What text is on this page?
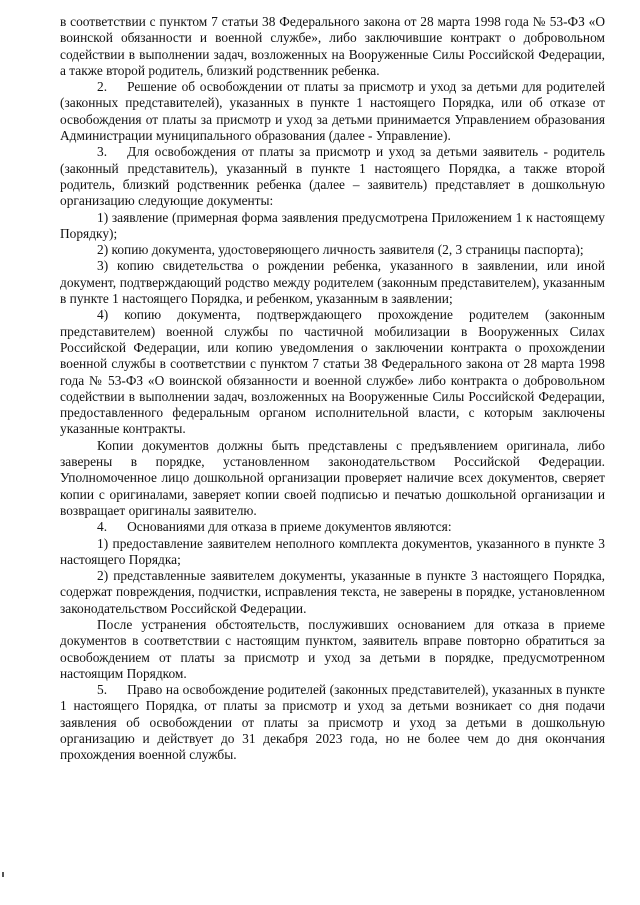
в соответствии с пунктом 7 статьи 38 Федерального закона от 28 марта 1998 года № 53-ФЗ «О воинской обязанности и военной службе», либо заключившие контракт о добровольном содействии в выполнении задач, возложенных на Вооруженные Силы Российской Федерации, а также второй родитель, близкий родственник ребенка.

2.  Решение об освобождении от платы за присмотр и уход за детьми для родителей (законных представителей), указанных в пункте 1 настоящего Порядка, или об отказе от освобождения от платы за присмотр и уход за детьми принимается Управлением образования Администрации муниципального образования (далее - Управление).

3.  Для освобождения от платы за присмотр и уход за детьми заявитель - родитель (законный представитель), указанный в пункте 1 настоящего Порядка, а также второй родитель, близкий родственник ребенка (далее – заявитель) представляет в дошкольную организацию следующие документы:

1) заявление (примерная форма заявления предусмотрена Приложением 1 к настоящему Порядку);

2) копию документа, удостоверяющего личность заявителя (2, 3 страницы паспорта);

3) копию свидетельства о рождении ребенка, указанного в заявлении, или иной документ, подтверждающий родство между родителем (законным представителем), указанным в пункте 1 настоящего Порядка, и ребенком, указанным в заявлении;

4) копию документа, подтверждающего прохождение родителем (законным представителем) военной службы по частичной мобилизации в Вооруженных Силах Российской Федерации, или копию уведомления о заключении контракта о прохождении военной службы в соответствии с пунктом 7 статьи 38 Федерального закона от 28 марта 1998 года № 53-ФЗ «О воинской обязанности и военной службе» либо контракта о добровольном содействии в выполнении задач, возложенных на Вооруженные Силы Российской Федерации, предоставленного федеральным органом исполнительной власти, с которым заключены указанные контракты.

Копии документов должны быть представлены с предъявлением оригинала, либо заверены в порядке, установленном законодательством Российской Федерации. Уполномоченное лицо дошкольной организации проверяет наличие всех документов, сверяет копии с оригиналами, заверяет копии своей подписью и печатью дошкольной организации и возвращает оригиналы заявителю.

4.  Основаниями для отказа в приеме документов являются:

1) предоставление заявителем неполного комплекта документов, указанного в пункте 3 настоящего Порядка;

2) представленные заявителем документы, указанные в пункте 3 настоящего Порядка, содержат повреждения, подчистки, исправления текста, не заверены в порядке, установленном законодательством Российской Федерации.

После устранения обстоятельств, послуживших основанием для отказа в приеме документов в соответствии с настоящим пунктом, заявитель вправе повторно обратиться за освобождением от платы за присмотр и уход за детьми в порядке, предусмотренном настоящим Порядком.

5.  Право на освобождение родителей (законных представителей), указанных в пункте 1 настоящего Порядка, от платы за присмотр и уход за детьми возникает со дня подачи заявления об освобождении от платы за присмотр и уход за детьми в дошкольную организацию и действует до 31 декабря 2023 года, но не более чем до дня окончания прохождения военной службы.
